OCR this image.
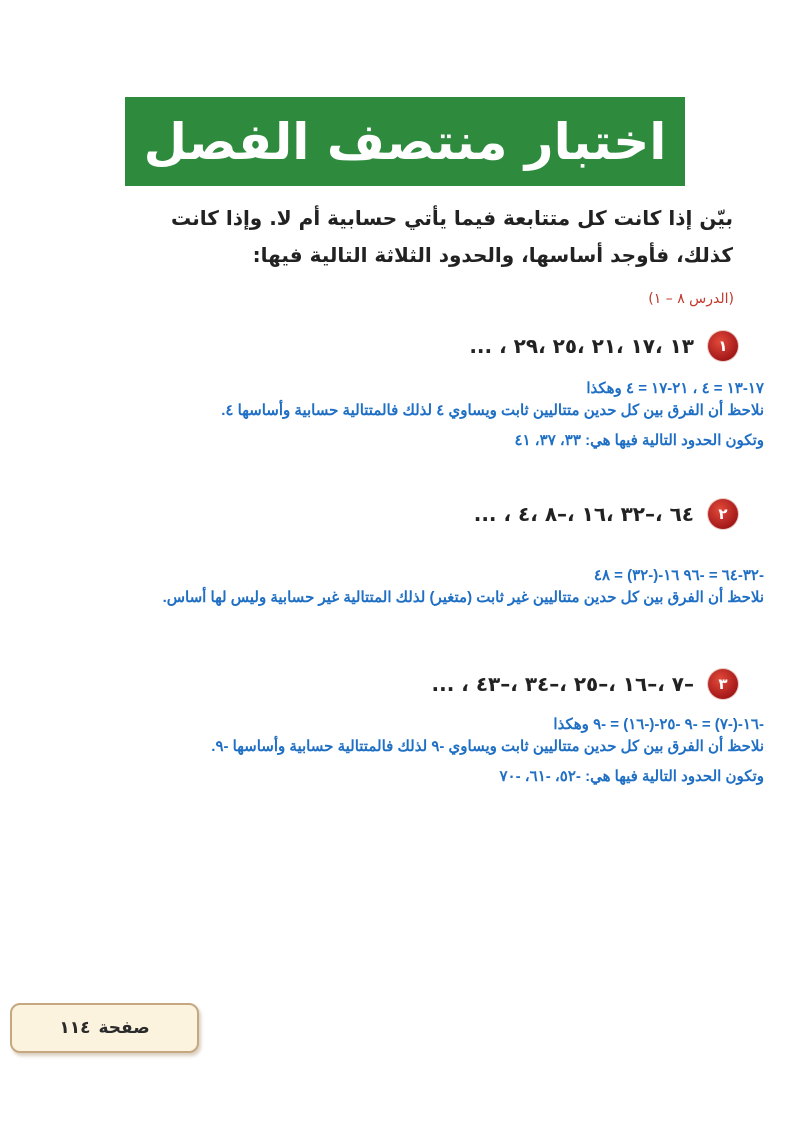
اختبار منتصف الفصل
بيّن إذا كانت كل متتابعة فيما يأتي حسابية أم لا. وإذا كانت
كذلك، فأوجد أساسها، والحدود الثلاثة التالية فيها:
(الدرس ٨ – ١)
١
١٣ ،١٧ ،٢١ ،٢٥ ،٢٩ ، ...
١٧-١٣ = ٤ ، ٢١-١٧ = ٤ وهكذا
نلاحظ أن الفرق بين كل حدين متتاليين ثابت ويساوي ٤ لذلك فالمتتالية حسابية وأساسها ٤.
وتكون الحدود التالية فيها هي: ٣٣، ٣٧، ٤١
٢
٦٤ ،–٣٢ ،١٦ ،–٨ ،٤ ، ...
-٣٢-٦٤ = -٩٦ ١٦-(-٣٢) = ٤٨
نلاحظ أن الفرق بين كل حدين متتاليين غير ثابت (متغير) لذلك المتتالية غير حسابية وليس لها أساس.
٣
–٧ ،–١٦ ،–٢٥ ،–٣٤ ،–٤٣ ، ...
-١٦-(-٧) = -٩ -٢٥-(-١٦) = -٩ وهكذا
نلاحظ أن الفرق بين كل حدين متتاليين ثابت ويساوي -٩ لذلك فالمتتالية حسابية وأساسها -٩.
وتكون الحدود التالية فيها هي: -٥٢، -٦١، -٧٠
صفحة
١١٤
